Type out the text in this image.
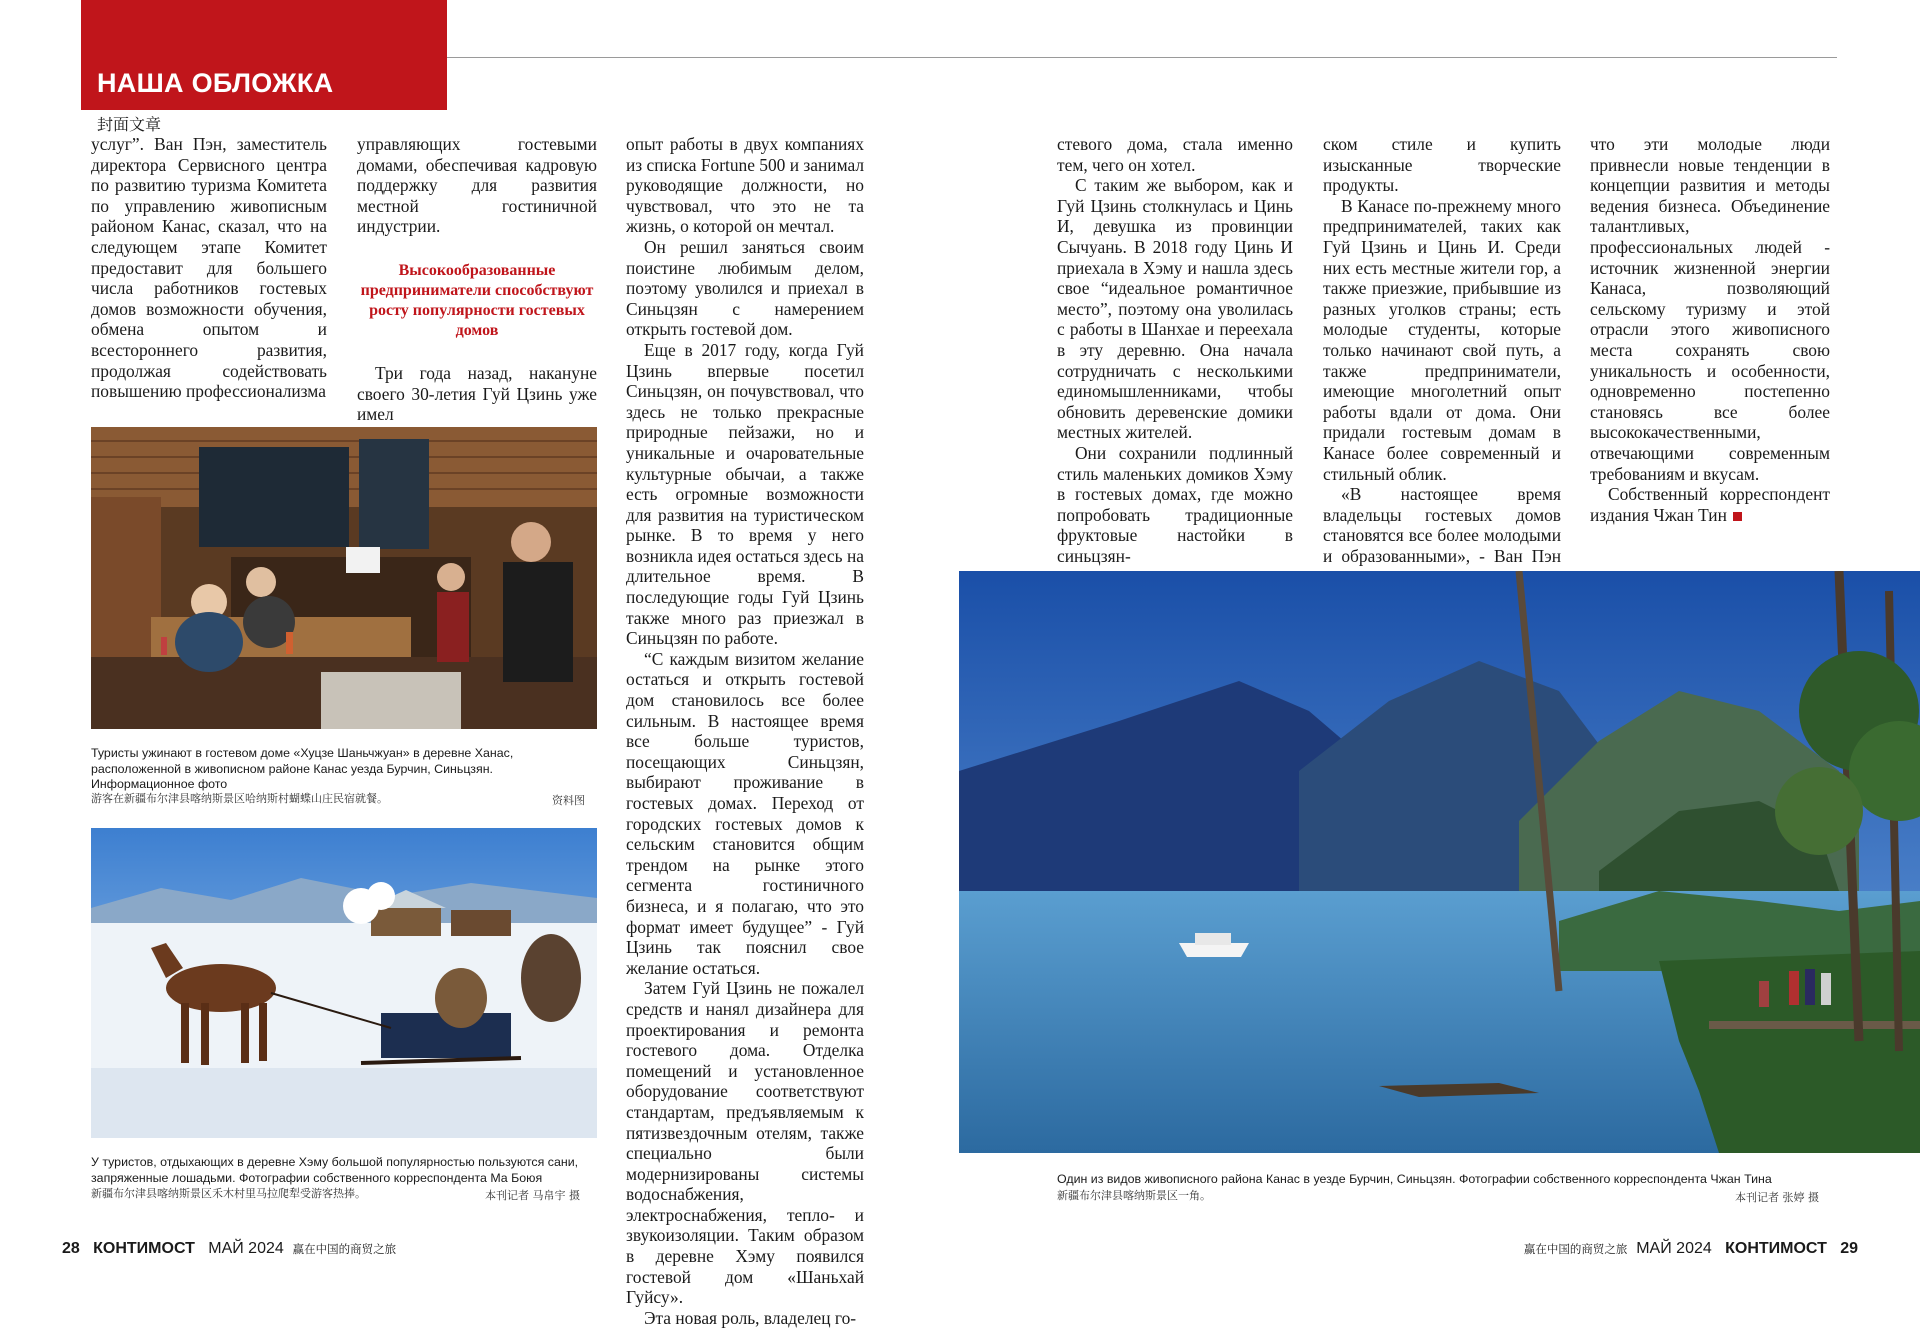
НАША ОБЛОЖКА
封面文章

услуг”. Ван Пэн, заместитель директора Сервисного центра по развитию туризма Комитета по управлению живописным районом Канас, сказал, что на следующем этапе Комитет предоставит для большего числа работников гостевых домов возможности обучения, обмена опытом и всестороннего развития, продолжая содействовать повышению профессионализма

управляющих гостевыми домами, обеспечивая кадровую поддержку для развития местной гостиничной индустрии.

Высокообразованные предприниматели способствуют росту популярности гостевых домов

Три года назад, накануне своего 30-летия Гуй Цзинь уже имел

опыт работы в двух компаниях из списка Fortune 500 и занимал руководящие должности, но чувствовал, что это не та жизнь, о которой он мечтал.

Он решил заняться своим поистине любимым делом, поэтому уволился и приехал в Синьцзян с намерением открыть гостевой дом.

Еще в 2017 году, когда Гуй Цзинь впервые посетил Синьцзян, он почувствовал, что здесь не только прекрасные природные пейзажи, но и уникальные и очаровательные культурные обычаи, а также есть огромные возможности для развития на туристическом рынке. В то время у него возникла идея остаться здесь на длительное время. В последующие годы Гуй Цзинь также много раз приезжал в Синьцзян по работе.

“С каждым визитом желание остаться и открыть гостевой дом становилось все более сильным. В настоящее время все больше туристов, посещающих Синьцзян, выбирают проживание в гостевых домах. Переход от городских гостевых домов к сельским становится общим трендом на рынке этого сегмента гостиничного бизнеса, и я полагаю, что это формат имеет будущее” - Гуй Цзинь так пояснил свое желание остаться.

Затем Гуй Цзинь не пожалел средств и нанял дизайнера для проектирования и ремонта гостевого дома. Отделка помещений и установленное оборудование соответствуют стандартам, предъявляемым к пятизвездочным отелям, также специально были модернизированы системы водоснабжения, электроснабжения, тепло- и звукоизоляции. Таким образом в деревне Хэму появился гостевой дом «Шаньхай Гуйсу».

Эта новая роль, владелец го-

Туристы ужинают в гостевом доме «Хуцзе Шаньчжуан» в деревне Ханас, расположенной в живописном районе Канас уезда Бурчин, Синьцзян. Информационное фото
游客在新疆布尔津县喀纳斯景区哈纳斯村蝴蝶山庄民宿就餐。	资料图
У туристов, отдыхающих в деревне Хэму большой популярностью пользуются сани, запряженные лошадьми. Фотографии собственного корреспондента Ма Боюя
新疆布尔津县喀纳斯景区禾木村里马拉爬犁受游客热捧。	本刊记者 马帛宇 摄

стевого дома, стала именно тем, чего он хотел.

С таким же выбором, как и Гуй Цзинь столкнулась и Цинь И, девушка из провинции Сычуань. В 2018 году Цинь И приехала в Хэму и нашла здесь свое “идеальное романтичное место”, поэтому она уволилась с работы в Шанхае и переехала в эту деревню. Она начала сотрудничать с несколькими единомышленниками, чтобы обновить деревенские домики местных жителей.

Они сохранили подлинный стиль маленьких домиков Хэму в гостевых домах, где можно попробовать традиционные фруктовые настойки в синьцзян-

ском стиле и купить изысканные творческие продукты.

В Канасе по-прежнему много предпринимателей, таких как Гуй Цзинь и Цинь И. Среди них есть местные жители гор, а также приезжие, прибывшие из разных уголков страны; есть молодые студенты, которые только начинают свой путь, а также предприниматели, имеющие многолетний опыт работы вдали от дома. Они придали гостевым домам в Канасе более современный и стильный облик.

«В настоящее время владельцы гостевых домов становятся все более молодыми и образованными», - Ван Пэн

что эти молодые люди привнесли новые тенденции в концепции развития и методы ведения бизнеса. Объединение талантливых, профессиональных людей - источник жизненной энергии Канаса, позволяющий сельскому туризму и этой отрасли этого живописного места сохранять свою уникальность и особенности, одновременно постепенно становясь все более высококачественными, отвечающими современным требованиям и вкусам.

Собственный корреспондент издания Чжан Тин

Один из видов живописного района Канас в уезде Бурчин, Синьцзян. Фотографии собственного корреспондента Чжан Тина
新疆布尔津县喀纳斯景区一角。	本刊记者 张婷 摄
28 КОНТИМОСТ МАЙ 2024 赢在中国的商贸之旅	赢在中国的商贸之旅 МАЙ 2024 КОНТИМОСТ 29
